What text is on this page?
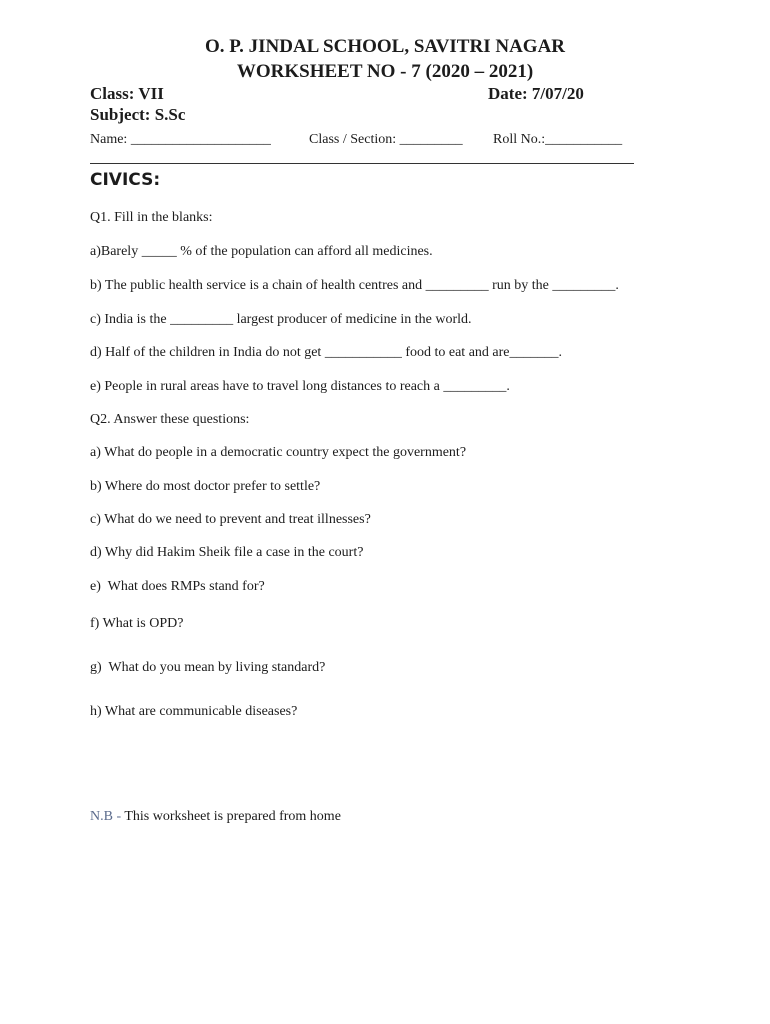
O. P. JINDAL SCHOOL, SAVITRI NAGAR
WORKSHEET NO - 7 (2020 – 2021)
Class: VII	Date: 7/07/20
Subject: S.Sc
Name: ____________________	Class / Section: _________ Roll No.:___________
CIVICS:
Q1. Fill in the blanks:
a)Barely _____ % of the population can afford all medicines.
b) The public health service is a chain of health centres and _________ run by the _________.
c) India is the _________ largest producer of medicine in the world.
d) Half of the children in India do not get ___________ food to eat and are_______.
e) People in rural areas have to travel long distances to reach a _________.
Q2. Answer these questions:
a) What do people in a democratic country expect the government?
b) Where do most doctor prefer to settle?
c) What do we need to prevent and treat illnesses?
d) Why did Hakim Sheik file a case in the court?
e)  What does RMPs stand for?
f) What is OPD?
g)  What do you mean by living standard?
h) What are communicable diseases?
N.B - This worksheet is prepared from home
